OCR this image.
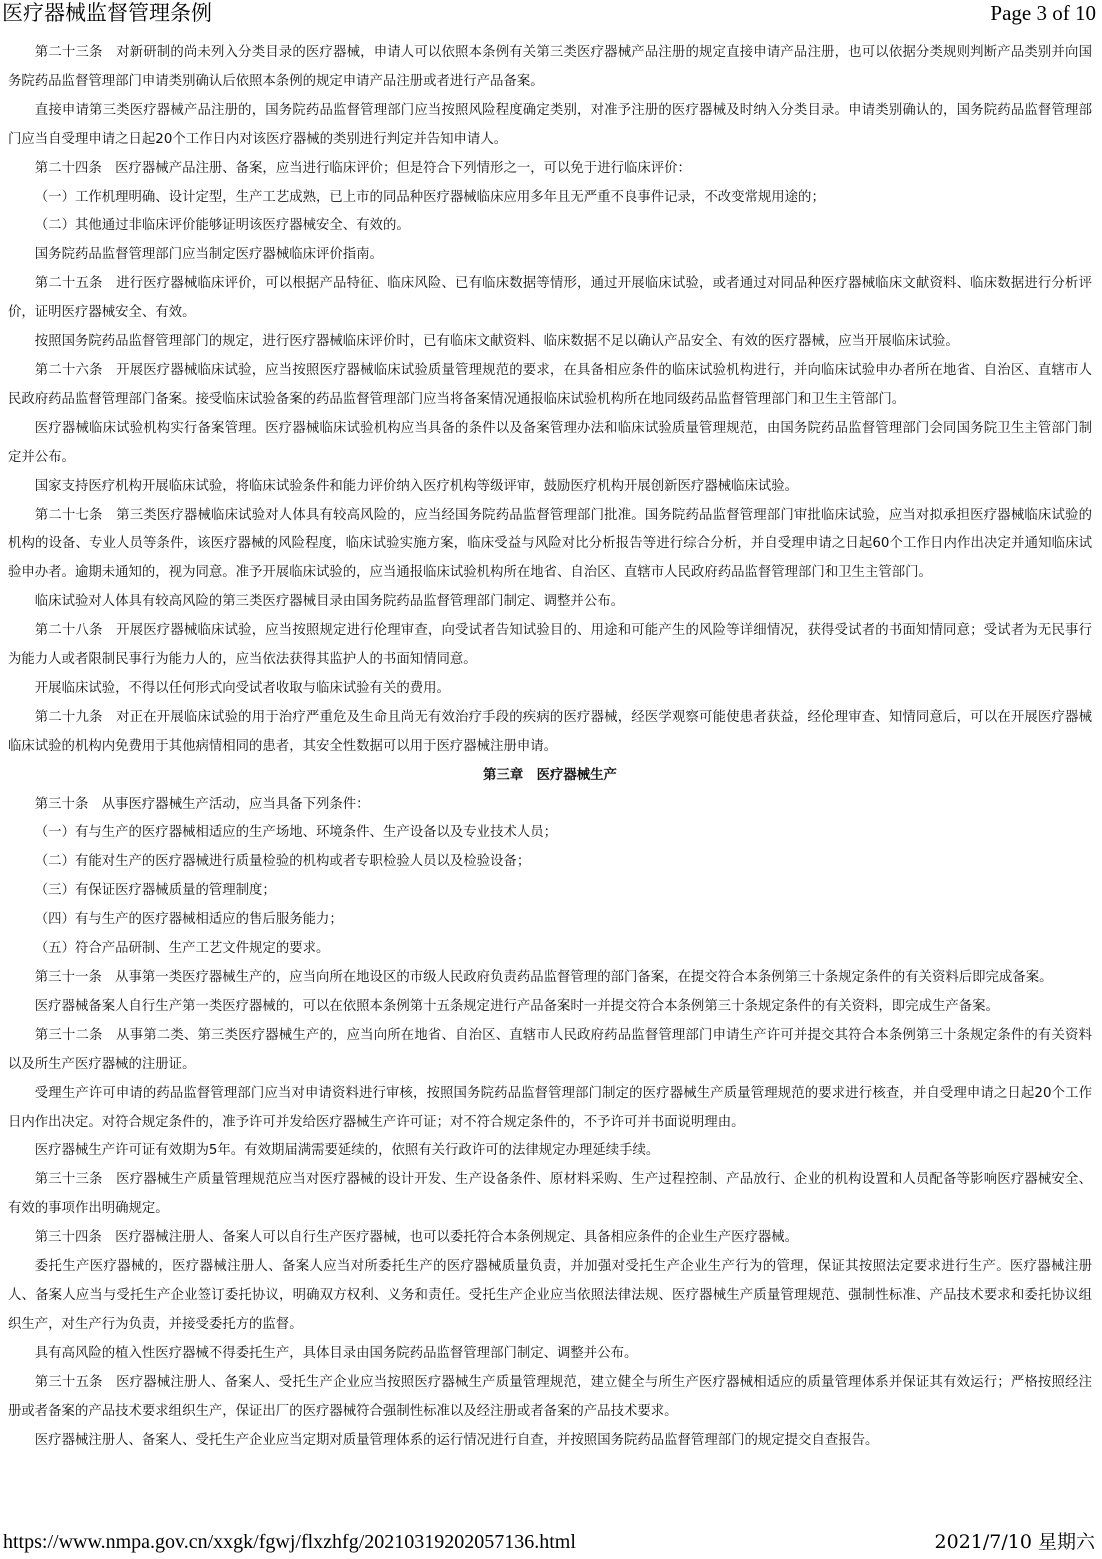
医疗器械监督管理条例	Page 3 of 10

第二十三条　对新研制的尚未列入分类目录的医疗器械，申请人可以依照本条例有关第三类医疗器械产品注册的规定直接申请产品注册，也可以依据分类规则判断产品类别并向国务院药品监督管理部门申请类别确认后依照本条例的规定申请产品注册或者进行产品备案。

直接申请第三类医疗器械产品注册的，国务院药品监督管理部门应当按照风险程度确定类别，对准予注册的医疗器械及时纳入分类目录。申请类别确认的，国务院药品监督管理部门应当自受理申请之日起20个工作日内对该医疗器械的类别进行判定并告知申请人。

第二十四条　医疗器械产品注册、备案，应当进行临床评价；但是符合下列情形之一，可以免于进行临床评价：

（一）工作机理明确、设计定型，生产工艺成熟，已上市的同品种医疗器械临床应用多年且无严重不良事件记录，不改变常规用途的；

（二）其他通过非临床评价能够证明该医疗器械安全、有效的。

国务院药品监督管理部门应当制定医疗器械临床评价指南。

第二十五条　进行医疗器械临床评价，可以根据产品特征、临床风险、已有临床数据等情形，通过开展临床试验，或者通过对同品种医疗器械临床文献资料、临床数据进行分析评价，证明医疗器械安全、有效。

按照国务院药品监督管理部门的规定，进行医疗器械临床评价时，已有临床文献资料、临床数据不足以确认产品安全、有效的医疗器械，应当开展临床试验。

第二十六条　开展医疗器械临床试验，应当按照医疗器械临床试验质量管理规范的要求，在具备相应条件的临床试验机构进行，并向临床试验申办者所在地省、自治区、直辖市人民政府药品监督管理部门备案。接受临床试验备案的药品监督管理部门应当将备案情况通报临床试验机构所在地同级药品监督管理部门和卫生主管部门。

医疗器械临床试验机构实行备案管理。医疗器械临床试验机构应当具备的条件以及备案管理办法和临床试验质量管理规范，由国务院药品监督管理部门会同国务院卫生主管部门制定并公布。

国家支持医疗机构开展临床试验，将临床试验条件和能力评价纳入医疗机构等级评审，鼓励医疗机构开展创新医疗器械临床试验。

第二十七条　第三类医疗器械临床试验对人体具有较高风险的，应当经国务院药品监督管理部门批准。国务院药品监督管理部门审批临床试验，应当对拟承担医疗器械临床试验的机构的设备、专业人员等条件，该医疗器械的风险程度，临床试验实施方案，临床受益与风险对比分析报告等进行综合分析，并自受理申请之日起60个工作日内作出决定并通知临床试验申办者。逾期未通知的，视为同意。准予开展临床试验的，应当通报临床试验机构所在地省、自治区、直辖市人民政府药品监督管理部门和卫生主管部门。

临床试验对人体具有较高风险的第三类医疗器械目录由国务院药品监督管理部门制定、调整并公布。

第二十八条　开展医疗器械临床试验，应当按照规定进行伦理审查，向受试者告知试验目的、用途和可能产生的风险等详细情况，获得受试者的书面知情同意；受试者为无民事行为能力人或者限制民事行为能力人的，应当依法获得其监护人的书面知情同意。

开展临床试验，不得以任何形式向受试者收取与临床试验有关的费用。

第二十九条　对正在开展临床试验的用于治疗严重危及生命且尚无有效治疗手段的疾病的医疗器械，经医学观察可能使患者获益，经伦理审查、知情同意后，可以在开展医疗器械临床试验的机构内免费用于其他病情相同的患者，其安全性数据可以用于医疗器械注册申请。

第三章　医疗器械生产

第三十条　从事医疗器械生产活动，应当具备下列条件：

（一）有与生产的医疗器械相适应的生产场地、环境条件、生产设备以及专业技术人员；

（二）有能对生产的医疗器械进行质量检验的机构或者专职检验人员以及检验设备；

（三）有保证医疗器械质量的管理制度；

（四）有与生产的医疗器械相适应的售后服务能力；

（五）符合产品研制、生产工艺文件规定的要求。

第三十一条　从事第一类医疗器械生产的，应当向所在地设区的市级人民政府负责药品监督管理的部门备案，在提交符合本条例第三十条规定条件的有关资料后即完成备案。

医疗器械备案人自行生产第一类医疗器械的，可以在依照本条例第十五条规定进行产品备案时一并提交符合本条例第三十条规定条件的有关资料，即完成生产备案。

第三十二条　从事第二类、第三类医疗器械生产的，应当向所在地省、自治区、直辖市人民政府药品监督管理部门申请生产许可并提交其符合本条例第三十条规定条件的有关资料以及所生产医疗器械的注册证。

受理生产许可申请的药品监督管理部门应当对申请资料进行审核，按照国务院药品监督管理部门制定的医疗器械生产质量管理规范的要求进行核查，并自受理申请之日起20个工作日内作出决定。对符合规定条件的，准予许可并发给医疗器械生产许可证；对不符合规定条件的，不予许可并书面说明理由。

医疗器械生产许可证有效期为5年。有效期届满需要延续的，依照有关行政许可的法律规定办理延续手续。

第三十三条　医疗器械生产质量管理规范应当对医疗器械的设计开发、生产设备条件、原材料采购、生产过程控制、产品放行、企业的机构设置和人员配备等影响医疗器械安全、有效的事项作出明确规定。

第三十四条　医疗器械注册人、备案人可以自行生产医疗器械，也可以委托符合本条例规定、具备相应条件的企业生产医疗器械。

委托生产医疗器械的，医疗器械注册人、备案人应当对所委托生产的医疗器械质量负责，并加强对受托生产企业生产行为的管理，保证其按照法定要求进行生产。医疗器械注册人、备案人应当与受托生产企业签订委托协议，明确双方权利、义务和责任。受托生产企业应当依照法律法规、医疗器械生产质量管理规范、强制性标准、产品技术要求和委托协议组织生产，对生产行为负责，并接受委托方的监督。

具有高风险的植入性医疗器械不得委托生产，具体目录由国务院药品监督管理部门制定、调整并公布。

第三十五条　医疗器械注册人、备案人、受托生产企业应当按照医疗器械生产质量管理规范，建立健全与所生产医疗器械相适应的质量管理体系并保证其有效运行；严格按照经注册或者备案的产品技术要求组织生产，保证出厂的医疗器械符合强制性标准以及经注册或者备案的产品技术要求。

医疗器械注册人、备案人、受托生产企业应当定期对质量管理体系的运行情况进行自查，并按照国务院药品监督管理部门的规定提交自查报告。

https://www.nmpa.gov.cn/xxgk/fgwj/flxzhfg/20210319202057136.html	2021/7/10 星期六
